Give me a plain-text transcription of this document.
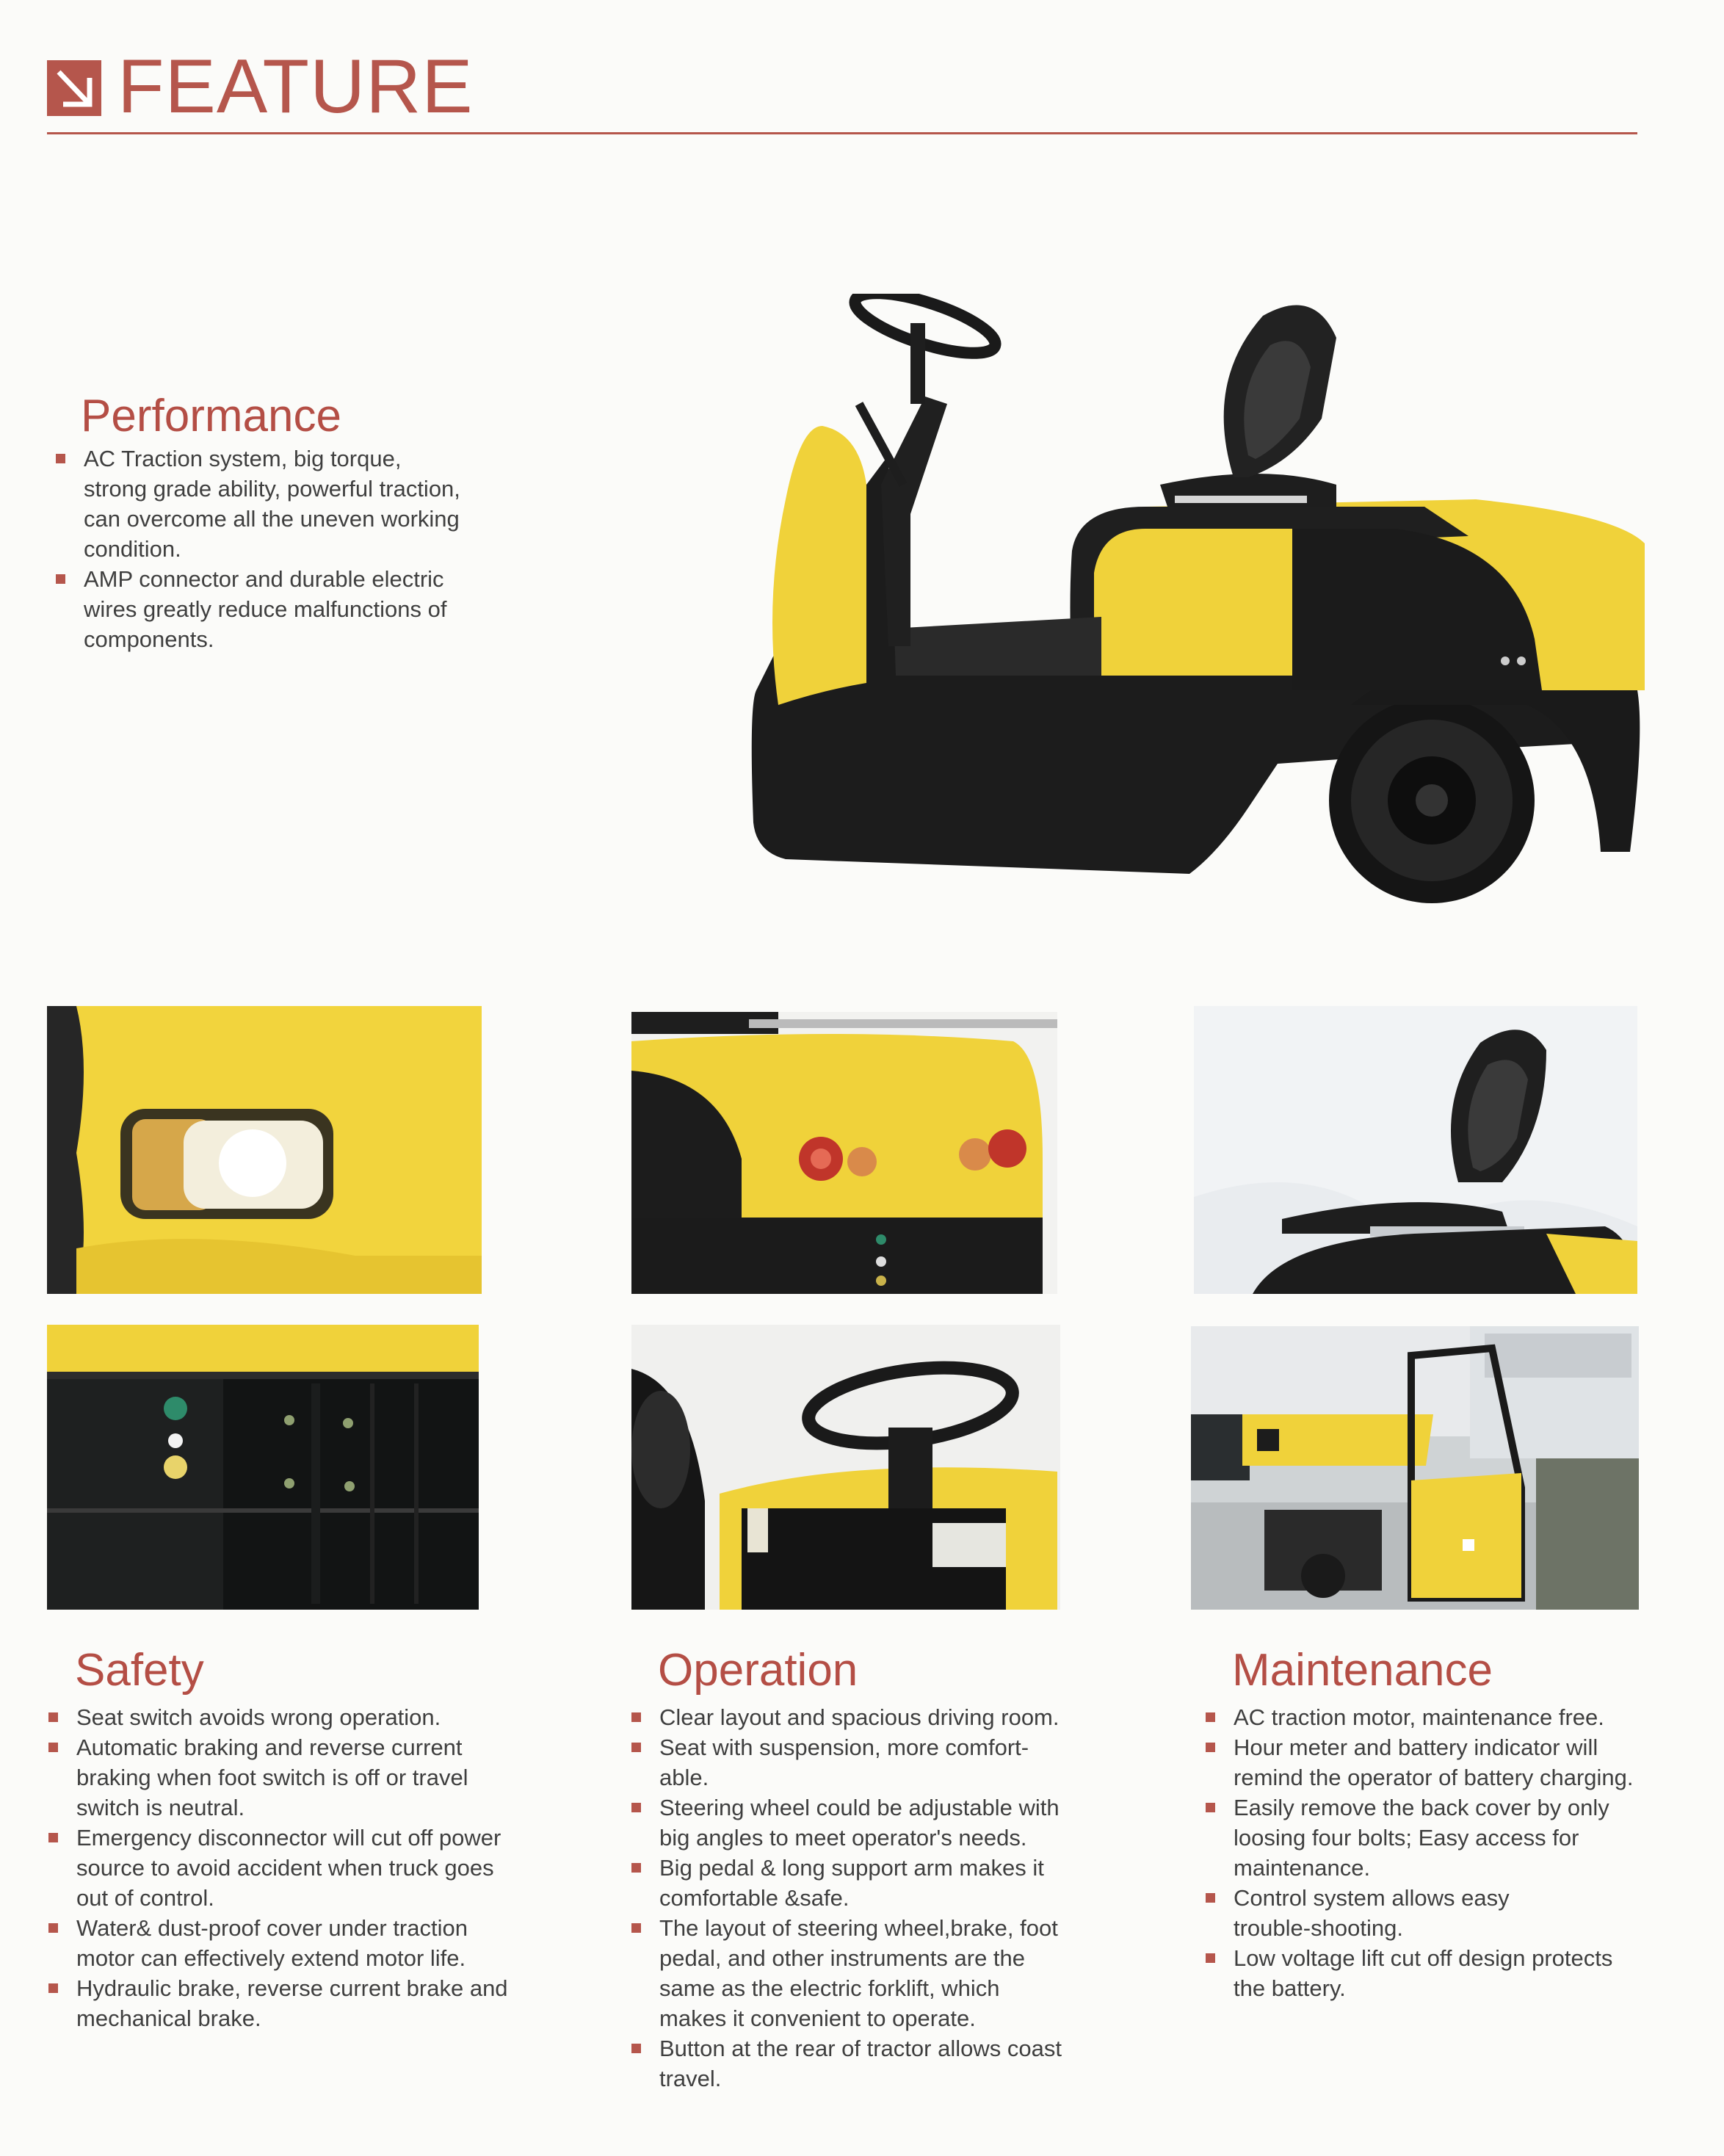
FEATURE
Performance
AC Traction system, big torque,
strong grade ability, powerful traction,
can overcome all the uneven working
condition.
AMP connector and durable electric
wires greatly reduce malfunctions of
components.
Safety
Seat switch avoids wrong operation.
Automatic braking and reverse current
braking when foot switch is off or travel
switch is neutral.
Emergency disconnector will cut off power
source to avoid accident when truck goes
out of control.
Water& dust-proof cover under traction
motor can effectively extend motor life.
Hydraulic brake, reverse current brake and
mechanical brake.
Operation
Clear layout and spacious driving room.
Seat with suspension, more comfort-
able.
Steering wheel could be adjustable with
big angles to meet operator's needs.
Big pedal & long support arm makes it
comfortable &safe.
The layout of steering wheel,brake, foot
pedal, and other instruments are the
same as the electric forklift, which
makes it convenient to operate.
Button at the rear of tractor allows coast
travel.
Maintenance
AC traction motor, maintenance free.
Hour meter and battery indicator will
remind the operator of battery charging.
Easily remove the back cover by only
loosing four bolts; Easy access for
maintenance.
Control system allows easy
trouble-shooting.
Low voltage lift cut off design protects
the battery.
